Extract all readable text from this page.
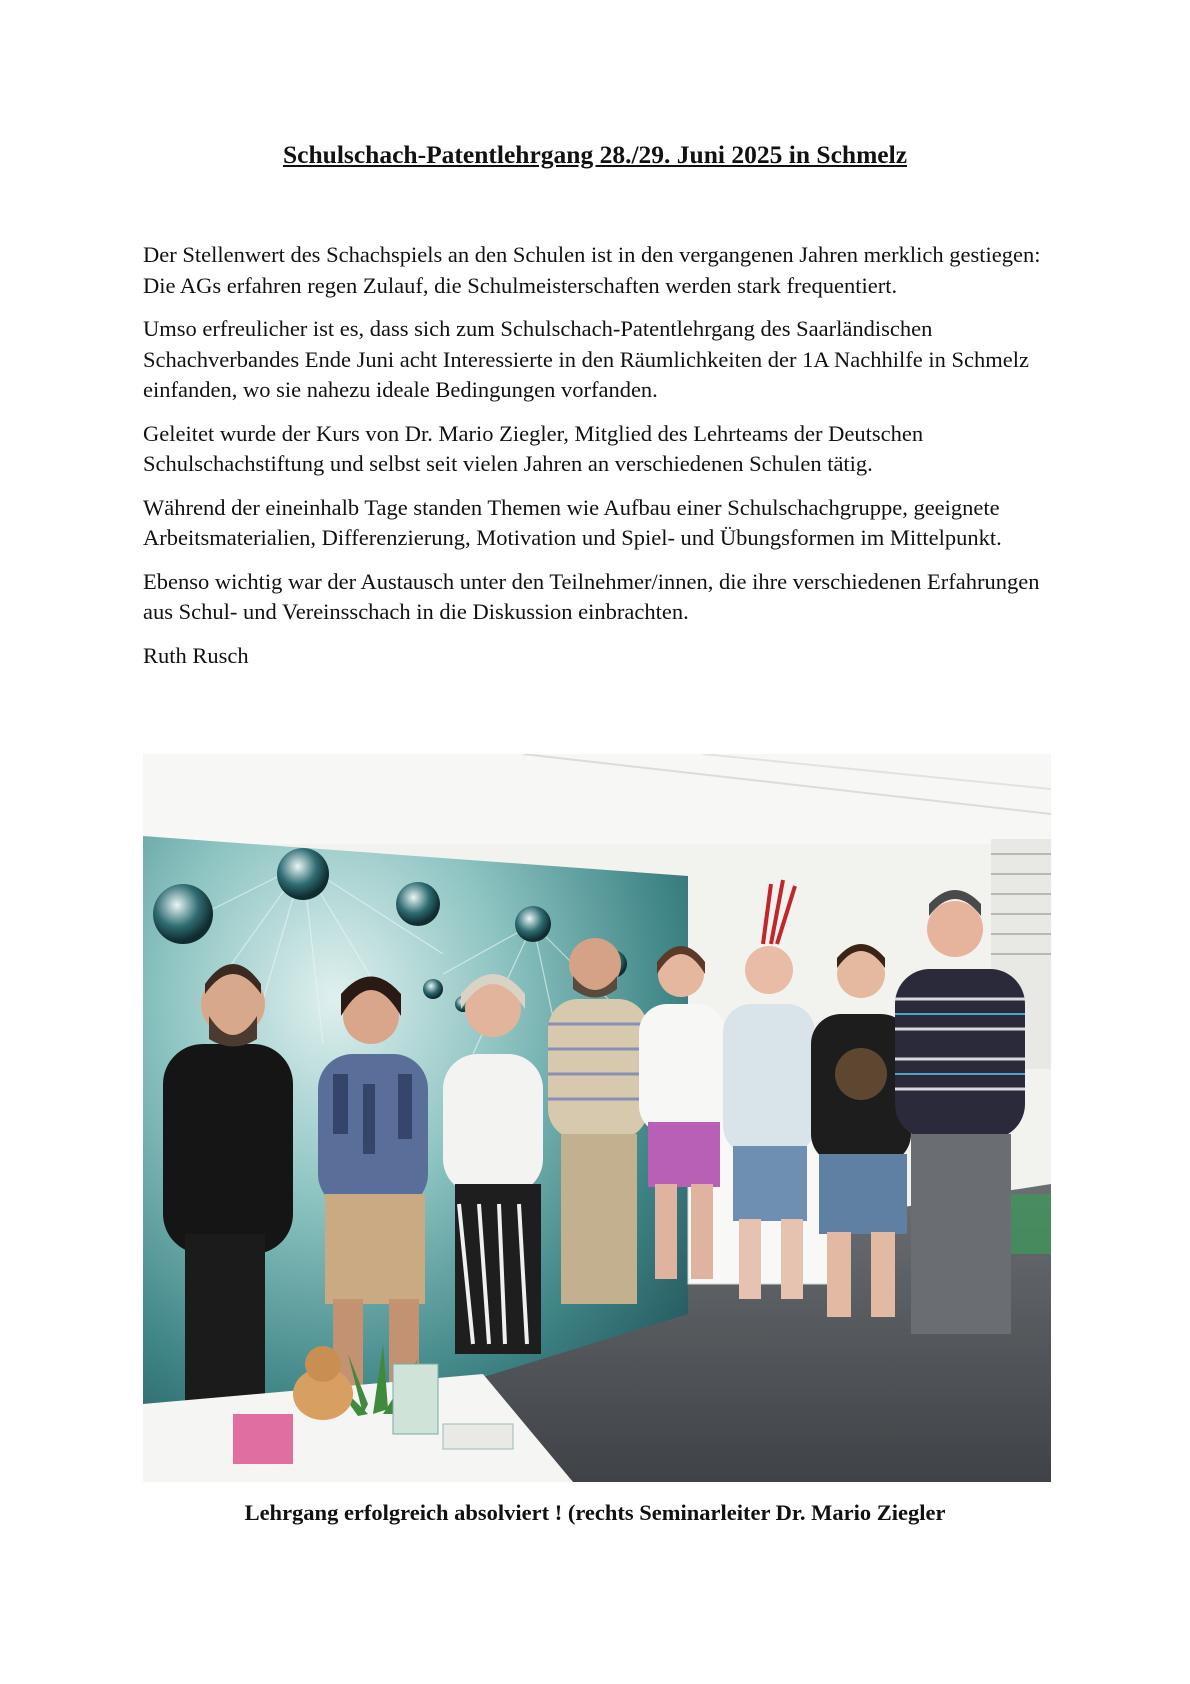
Schulschach-Patentlehrgang 28./29. Juni 2025 in Schmelz

Der Stellenwert des Schachspiels an den Schulen ist in den vergangenen Jahren merklich gestiegen:
Die AGs erfahren regen Zulauf, die Schulmeisterschaften werden stark frequentiert.

Umso erfreulicher ist es, dass sich zum Schulschach-Patentlehrgang des Saarländischen Schachverbandes Ende Juni acht Interessierte in den Räumlichkeiten der 1A Nachhilfe in Schmelz einfanden, wo sie nahezu ideale Bedingungen vorfanden.

Geleitet wurde der Kurs von Dr. Mario Ziegler, Mitglied des Lehrteams der Deutschen Schulschachstiftung und selbst seit vielen Jahren an verschiedenen Schulen tätig.

Während der eineinhalb Tage standen Themen wie Aufbau einer Schulschachgruppe, geeignete Arbeitsmaterialien, Differenzierung, Motivation und Spiel- und Übungsformen im Mittelpunkt.

Ebenso wichtig war der Austausch unter den Teilnehmer/innen, die ihre verschiedenen Erfahrungen aus Schul- und Vereinsschach in die Diskussion einbrachten.

Ruth Rusch

Lehrgang erfolgreich absolviert ! (rechts Seminarleiter Dr. Mario Ziegler
